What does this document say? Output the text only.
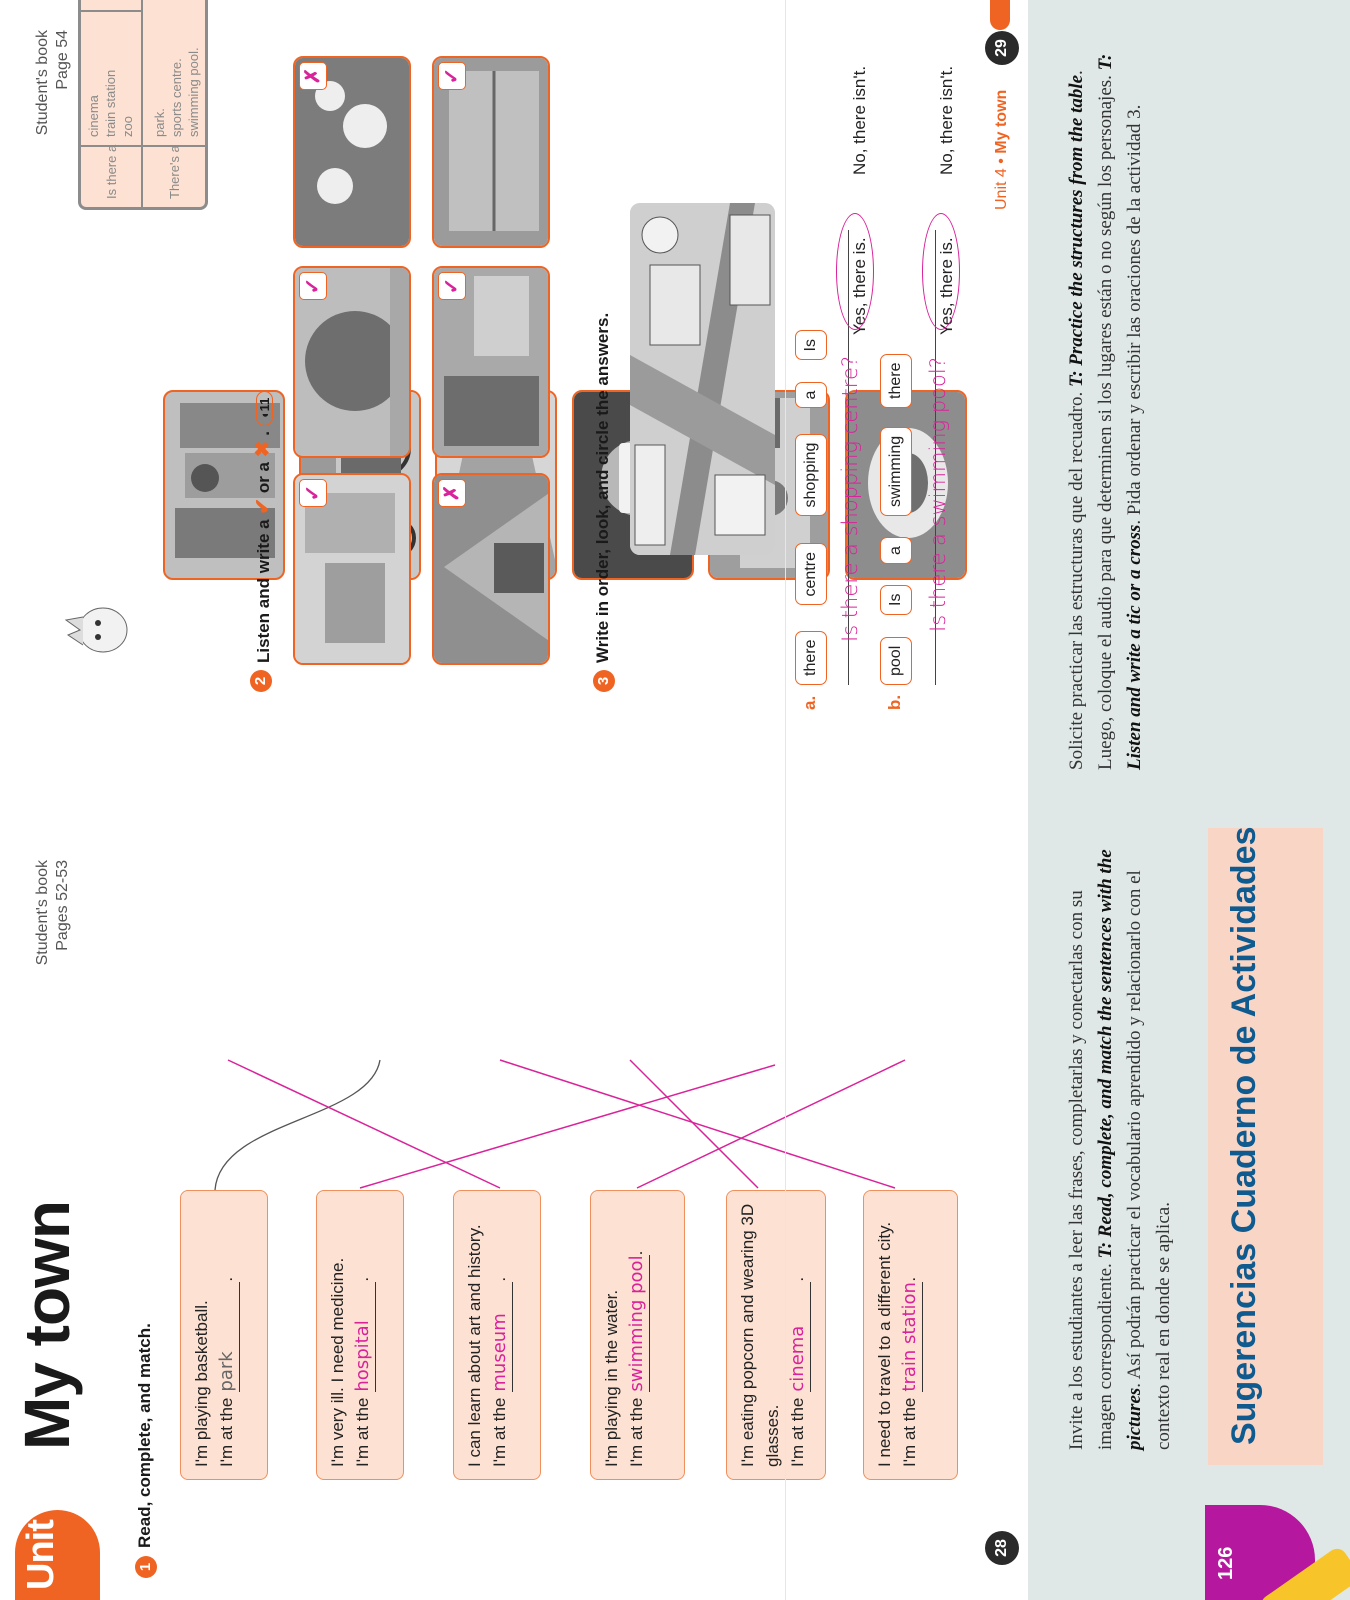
Unit 4
My town
Student's book Pages 52-53
1
Read, complete, and match. I'm playing basketball. I'm at thepark.	I'm very ill. I need medicine. I'm at thehospital.	I can learn about art and history. I'm at themuseum.
I'm playing in the water. I'm at theswimming pool.	I'm eating popcorn and wearing 3D glasses. I'm at thecinema.	I need to travel to a different city. I'm at thetrain station.
28
Student's book Page 54
Is there a
cinema train station zoo
There's a
park. sports centre. swimming pool.
2
Listen and write a ✔ or a ✖ . ◖11
✓
✓
✗
✗
✓
✓
3
Write in order, look, and circle the answers.
a.
there
centre
shopping
a
Is
Is there a shopping centre?
Yes, there is.
No, there isn't.
b.
pool
Is
a
swimming
there	Is there a swimming pool?
Yes, there is.
No, there isn't.
Unit 4 • My town
29
Invite a los estudiantes a leer las frases, completarlas y conectarlas con su imagen correspondiente. T: Read, complete, and match the sentences with the pictures. Así podrán practicar el vocabulario aprendido y relacionarlo con el contexto real en donde se aplica.
Solicite practicar las estructuras que del recuadro. T: Practice the structures from the table. Luego, coloque el audio para que determinen si los lugares están o no según los personajes. T: Listen and write a tic or a cross. Pida ordenar y escribir las oraciones de la actividad 3.
Sugerencias Cuaderno de Actividades
126
